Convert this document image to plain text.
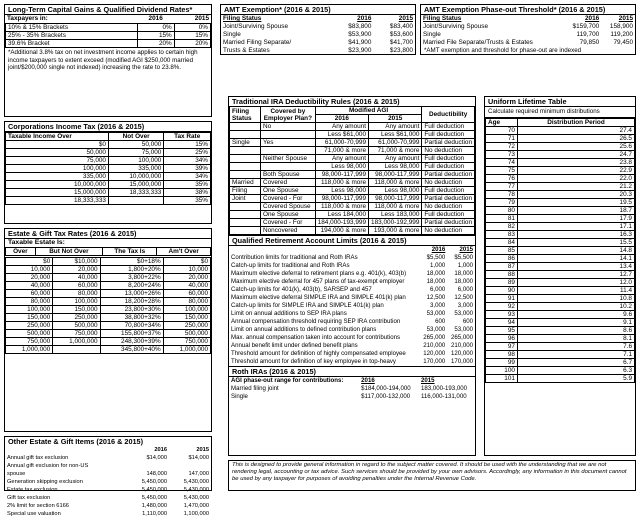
Long-Term Capital Gains & Qualified Dividend Rates*
Taxpayers in:	2016	2015
10% & 15% Brackets	0%	0%
25% - 35% Brackets	15%	15%
39.6% Bracket	20%	20%
*Additional 3.8% tax on net investment income applies to certain high income taxpayers to extent exceed (modified AGI $250,000 married joint/$200,000 single not indexed) increasing the rate to 23.8%.
Corporations Income Tax (2016 & 2015)
Taxable Income Over	Not Over	Tax Rate
$0	50,000	15%
50,000	75,000	25%
75,000	100,000	34%
100,000	335,000	39%
335,000	10,000,000	34%
10,000,000	15,000,000	35%
15,000,000	18,333,333	38%
18,333,333		35%
Estate & Gift Tax Rates (2016 & 2015)
Taxable Estate Is:
Over	But Not Over	The Tax Is	Am't Over
$0	$10,000	$0+18%	$0
10,000	20,000	1,800+20%	10,000
20,000	40,000	3,800+22%	20,000
40,000	60,000	8,200+24%	40,000
60,000	80,000	13,000+26%	60,000
80,000	100,000	18,200+28%	80,000
100,000	150,000	23,800+30%	100,000
150,000	250,000	38,800+32%	150,000
250,000	500,000	70,800+34%	250,000
500,000	750,000	155,800+37%	500,000
750,000	1,000,000	248,300+39%	750,000
1,000,000		345,800+40%	1,000,000
Other Estate & Gift Items (2016 & 2015)
	2016	2015
Annual gift tax exclusion	$14,000	$14,000
Annual gift exclusion for non-US		
spouse	148,000	147,000
Generation skipping exclusion	5,450,000	5,430,000
Estate tax exclusion	5,450,000	5,430,000
Gift tax exclusion	5,450,000	5,430,000
2% limit for section 6166	1,480,000	1,470,000
Special use valuation	1,110,000	1,100,000
AMT Exemption* (2016 & 2015)
Filing Status	2016	2015
Joint/Surviving Spouse	$83,800	$83,400
Single	$53,900	$53,600
Married Filing Separate/	$41,900	$41,700
Trusts & Estates	$23,900	$23,800
AMT Exemption Phase-out Threshold* (2016 & 2015)
Filing Status	2016	2015
Joint/Surviving Spouse	$159,700	158,900
Single	119,700	119,200
Married File Separate/Trusts & Estates	79,850	79,450
*AMT exemption and threshold for phase-out are indexed
Traditional IRA Deductibility Rules (2016 & 2015)
Filing Status	Covered by Employer Plan?	Modified AGI		Deductibility
		2016	2015	
	No	Any amount	Any amount	Full deduction
		Less $61,000	Less $61,000	Full deduction
Single	Yes	61,000-70,999	61,000-70,999	Partial deduction
		71,000 & more	71,000 & more	No deduction
	Neither Spouse	Any amount	Any amount	Full deduction
		Less 98,000	Less 98,000	Full deduction
	Both Spouse	98,000-117,999	98,000-117,999	Partial deduction
Married	Covered	118,000 & more	118,000 & more	No deduction
Filing	One Spouse	Less 98,000	Less 98,000	Full deduction
Joint	Covered - For	98,000-117,999	98,000-117,999	Partial deduction
	Covered Spouse	118,000 & more	118,000 & more	No deduction
	One Spouse	Less 184,000	Less 183,000	Full deduction
	Covered - For	184,000-193,999	183,000-192,999	Partial deduction
	Noncovered	194,000 & more	193,000 & more	No deduction
Qualified Retirement Account Limits (2016 & 2015)
	2016	2015
Contribution limits for traditional and Roth IRAs	$5,500	$5,500
Catch-up limits for traditional and Roth IRAs	1,000	1,000
Maximum elective deferral to retirement plans e.g. 401(k), 403(b)	18,000	18,000
Maximum elective deferral for 457 plans of tax-exempt employer	18,000	18,000
Catch-up limits for 401(k), 403(b), SARSEP and 457	6,000	6,000
Maximum elective deferral SIMPLE IRA and SIMPLE 401(k) plan	12,500	12,500
Catch-up limits for SIMPLE IRA and SIMPLE 401(k) plan	3,000	3,000
Limit on annual additions to SEP IRA plans	53,000	53,000
Annual compensation threshold requiring SEP IRA contribution	600	600
Limit on annual additions to defined contribution plans	53,000	53,000
Max. annual compensation taken into account for contributions	265,000	265,000
Annual benefit limit under defined benefit plans	210,000	210,000
Threshold amount for definition of highly compensated employee	120,000	120,000
Threshold amount for definition of key employee in top-heavy	170,000	170,000
Roth IRAs (2016 & 2015)
AGI phase-out range for contributions:	2016	2015
Married filing joint	$184,000-194,000	183,000-193,000
Single	$117,000-132,000	116,000-131,000
Uniform Lifetime Table
Calculate required minimum distributions
Age	Distribution Period
70	27.4
71	26.5
72	25.6
73	24.7
74	23.8
75	22.9
76	22.0
77	21.2
78	20.3
79	19.5
80	18.7
81	17.9
82	17.1
83	16.3
84	15.5
85	14.8
86	14.1
87	13.4
88	12.7
89	12.0
90	11.4
91	10.8
92	10.2
93	9.6
94	9.1
95	8.6
96	8.1
97	7.6
98	7.1
99	6.7
100	6.3
101	5.9
This is designed to provide general information in regard to the subject matter covered. It should be used with the understanding that we are not rendering legal, accounting or tax advice. Such services should be provided by your own advisors. Accordingly, any information in this document cannot be used by any taxpayer for purposes of avoiding penalties under the Internal Revenue Code.
